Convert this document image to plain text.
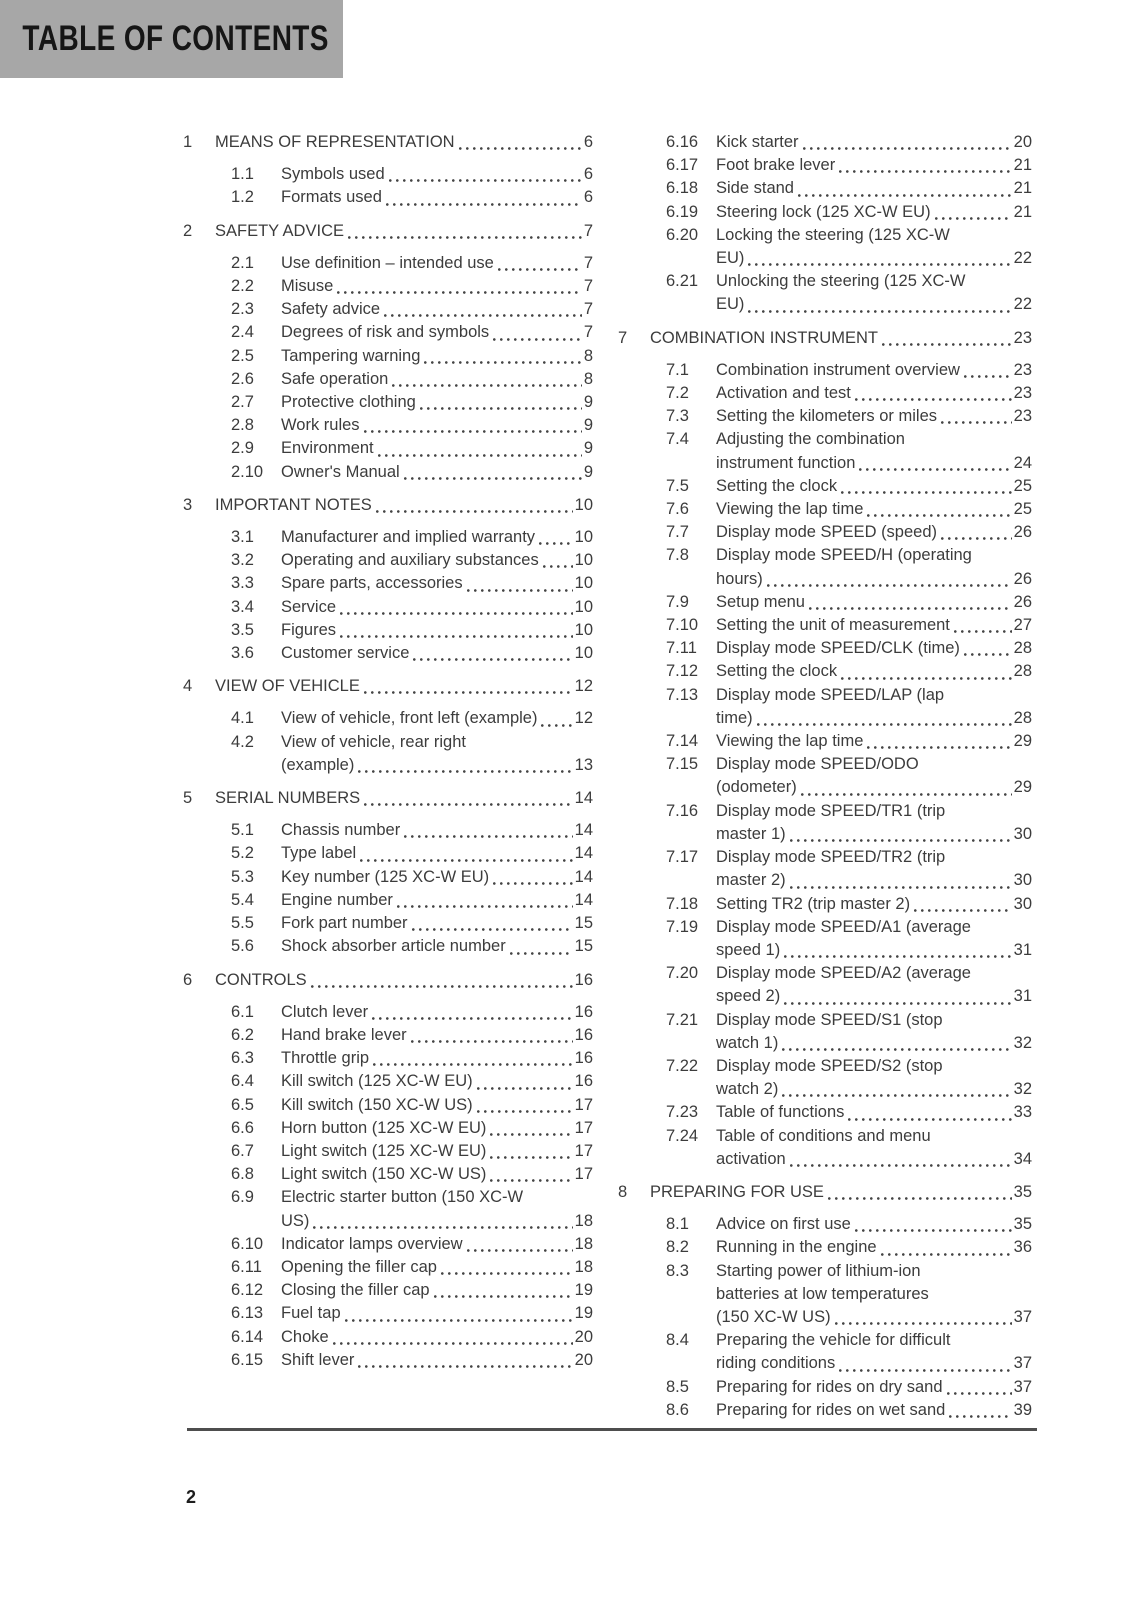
TABLE OF CONTENTS
1	MEANS OF REPRESENTATION	6
1.1	Symbols used	6
1.2	Formats used	6
2	SAFETY ADVICE	7
2.1	Use definition – intended use	7
2.2	Misuse	7
2.3	Safety advice	7
2.4	Degrees of risk and symbols	7
2.5	Tampering warning	8
2.6	Safe operation	8
2.7	Protective clothing	9
2.8	Work rules	9
2.9	Environment	9
2.10	Owner's Manual	9
3	IMPORTANT NOTES	10
3.1	Manufacturer and implied warranty 10
3.2	Operating and auxiliary substances 10
3.3	Spare parts, accessories	10
3.4	Service	10
3.5	Figures	10
3.6	Customer service	10
4	VIEW OF VEHICLE	12
4.1	View of vehicle, front left (example) 12
4.2	View of vehicle, rear right
(example)	13
5	SERIAL NUMBERS	14
5.1	Chassis number	14
5.2	Type label	14
5.3	Key number (125 XC-W EU)	14
5.4	Engine number	14
5.5	Fork part number	15
5.6	Shock absorber article number	15
6	CONTROLS	16
6.1	Clutch lever	16
6.2	Hand brake lever	16
6.3	Throttle grip	16
6.4	Kill switch (125 XC-W EU)	16
6.5	Kill switch (150 XC-W US)	17
6.6	Horn button (125 XC-W EU)	17
6.7	Light switch (125 XC-W EU)	17
6.8	Light switch (150 XC-W US)	17
6.9	Electric starter button (150 XC-W
US)	18
6.10	Indicator lamps overview	18
6.11	Opening the filler cap	18
6.12	Closing the filler cap	19
6.13	Fuel tap	19
6.14	Choke	20
6.15	Shift lever	20
6.16	Kick starter	20
6.17	Foot brake lever	21
6.18	Side stand	21
6.19	Steering lock (125 XC-W EU)	21
6.20	Locking the steering (125 XC-W
EU)	22
6.21	Unlocking the steering (125 XC-W
EU)	22
7	COMBINATION INSTRUMENT	23
7.1	Combination instrument overview	23
7.2	Activation and test	23
7.3	Setting the kilometers or miles	23
7.4	Adjusting the combination
instrument function	24
7.5	Setting the clock	25
7.6	Viewing the lap time	25
7.7	Display mode SPEED (speed)	26
7.8	Display mode SPEED/H (operating
hours)	26
7.9	Setup menu	26
7.10	Setting the unit of measurement	27
7.11	Display mode SPEED/CLK (time)	28
7.12	Setting the clock	28
7.13	Display mode SPEED/LAP (lap
time)	28
7.14	Viewing the lap time	29
7.15	Display mode SPEED/ODO
(odometer)	29
7.16	Display mode SPEED/TR1 (trip
master 1)	30
7.17	Display mode SPEED/TR2 (trip
master 2)	30
7.18	Setting TR2 (trip master 2)	30
7.19	Display mode SPEED/A1 (average
speed 1)	31
7.20	Display mode SPEED/A2 (average
speed 2)	31
7.21	Display mode SPEED/S1 (stop
watch 1)	32
7.22	Display mode SPEED/S2 (stop
watch 2)	32
7.23	Table of functions	33
7.24	Table of conditions and menu
activation	34
8	PREPARING FOR USE	35
8.1	Advice on first use	35
8.2	Running in the engine	36
8.3	Starting power of lithium-ion
batteries at low temperatures
(150 XC-W US)	37
8.4	Preparing the vehicle for difficult
riding conditions	37
8.5	Preparing for rides on dry sand	37
8.6	Preparing for rides on wet sand	39
2
